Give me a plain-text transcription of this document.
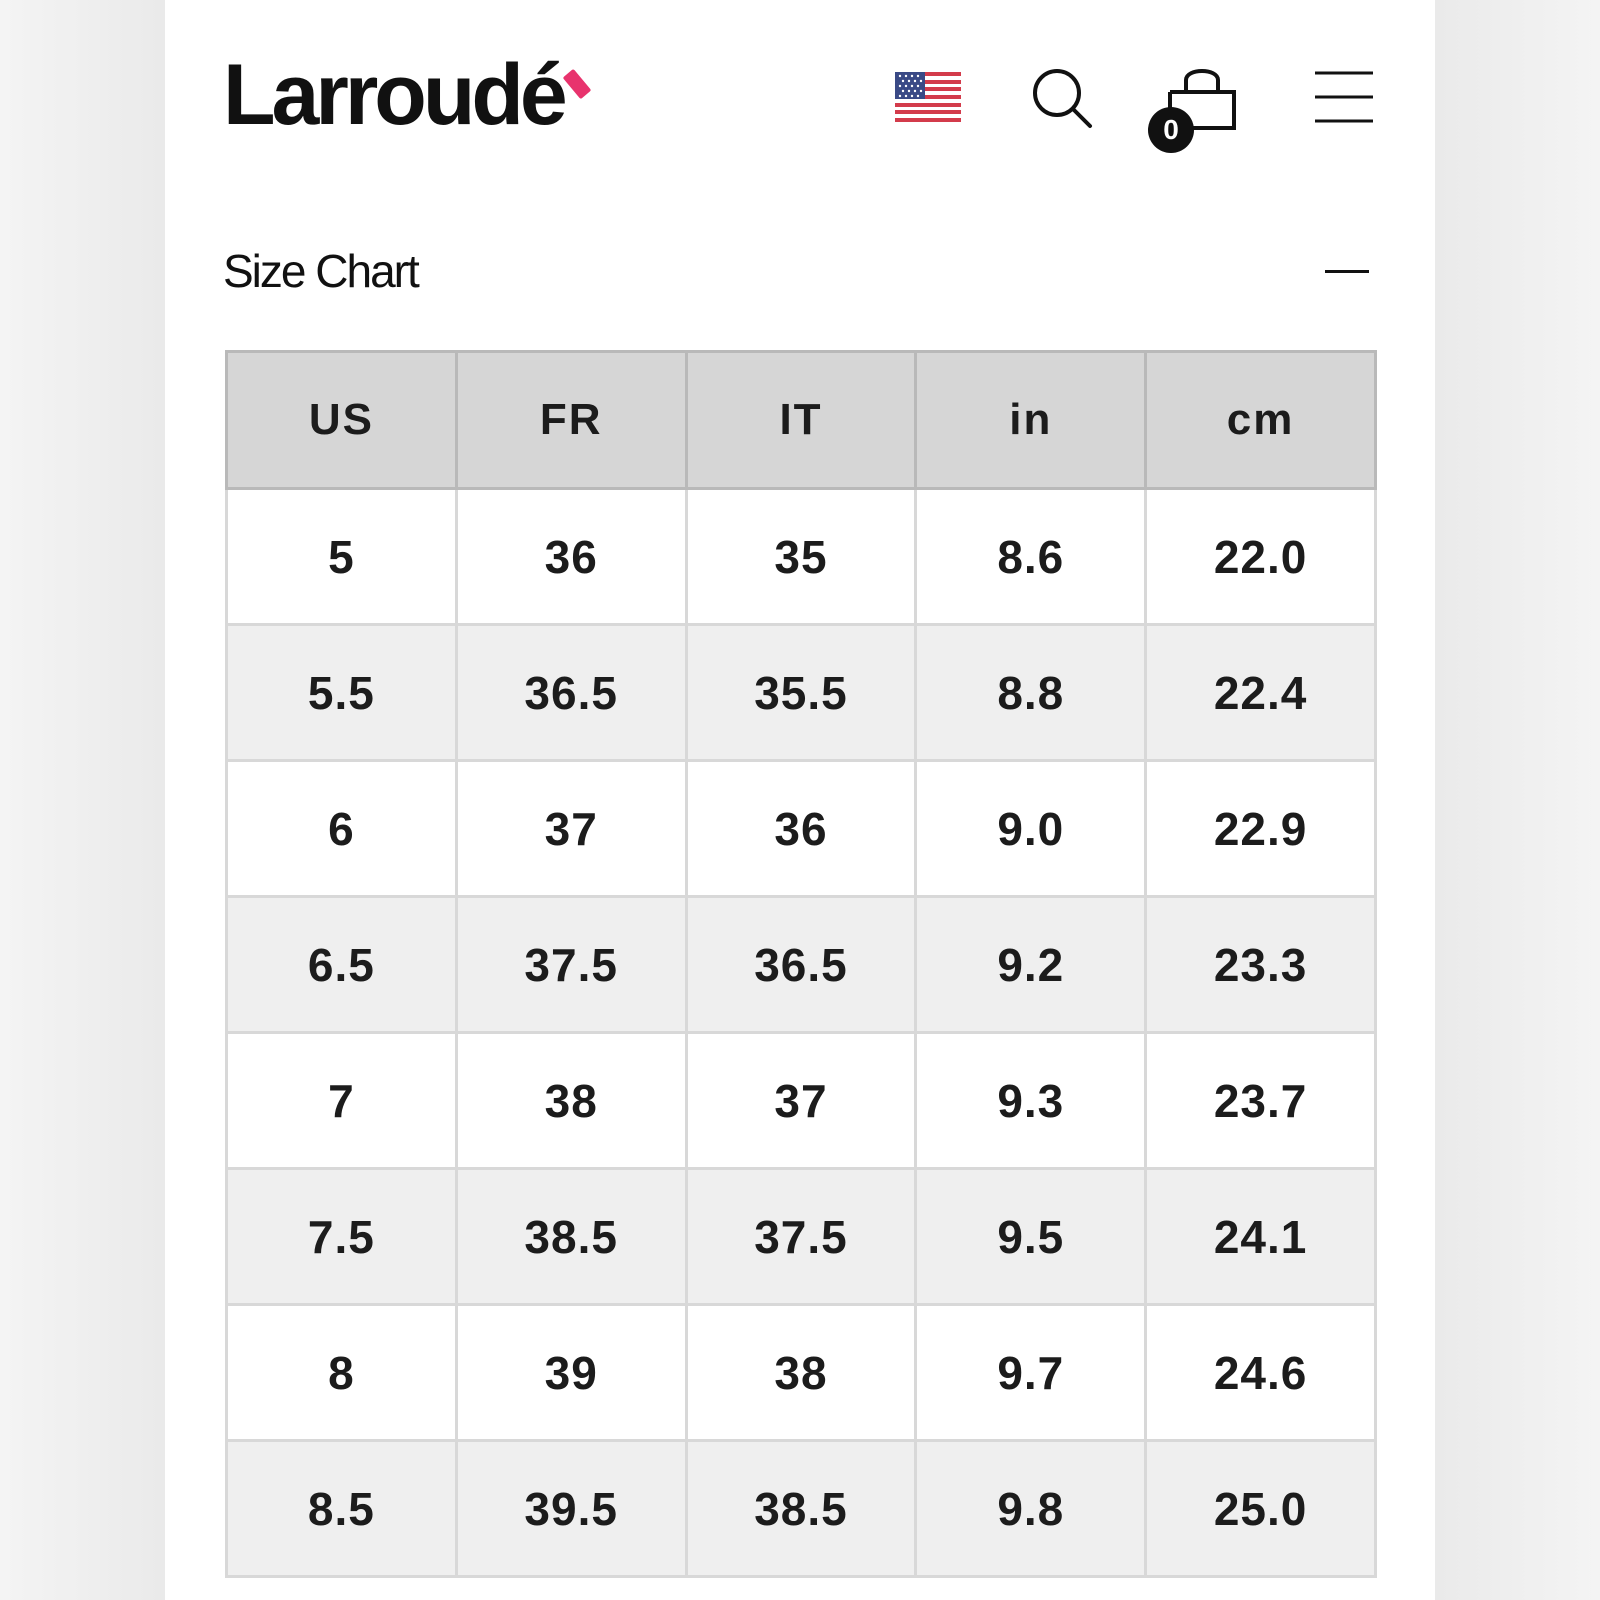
Larroudé	0
Size Chart
US	FR	IT	in	cm
5	36	35	8.6	22.0
5.5	36.5	35.5	8.8	22.4
6	37	36	9.0	22.9
6.5	37.5	36.5	9.2	23.3
7	38	37	9.3	23.7
7.5	38.5	37.5	9.5	24.1
8	39	38	9.7	24.6
8.5	39.5	38.5	9.8	25.0
